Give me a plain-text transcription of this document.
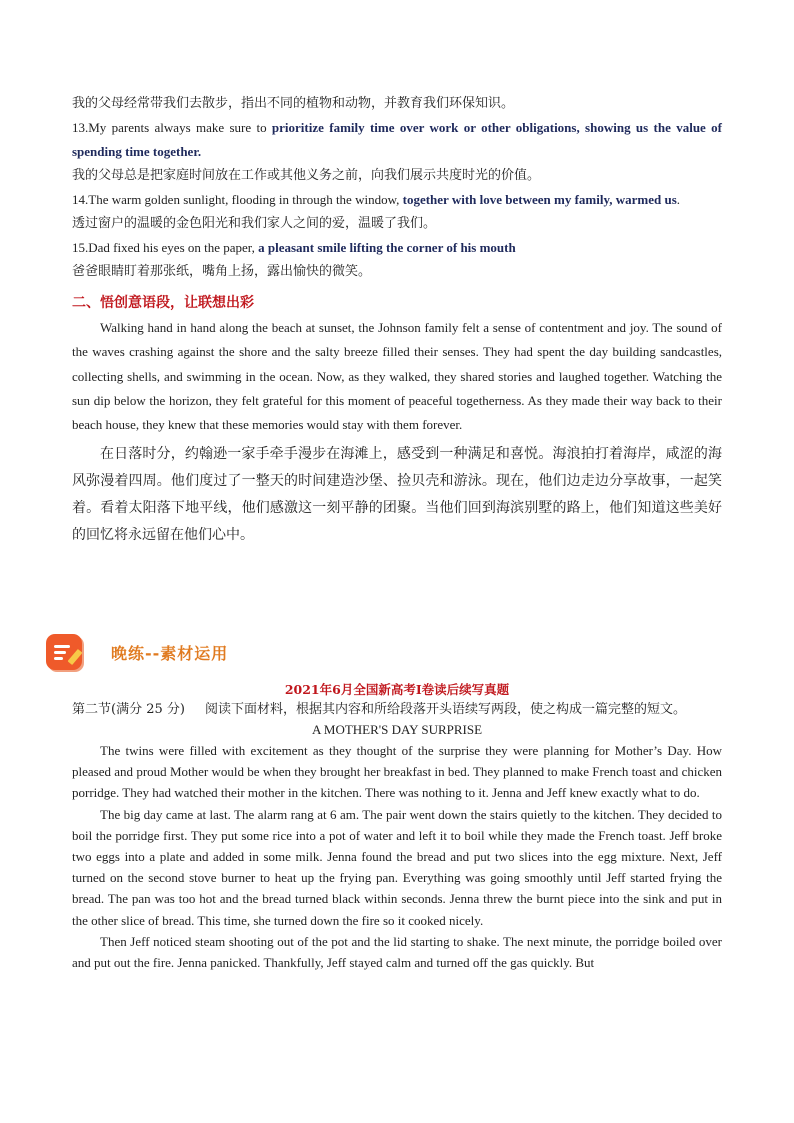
我的父母经常带我们去散步，指出不同的植物和动物，并教育我们环保知识。

13.My parents always make sure to prioritize family time over work or other obligations, showing us the value of spending time together.

我的父母总是把家庭时间放在工作或其他义务之前，向我们展示共度时光的价值。

14.The warm golden sunlight, flooding in through the window, together with love between my family, warmed us.

透过窗户的温暖的金色阳光和我们家人之间的爱，温暖了我们。

15.Dad fixed his eyes on the paper, a pleasant smile lifting the corner of his mouth

爸爸眼睛盯着那张纸，嘴角上扬，露出愉快的微笑。

二、悟创意语段，让联想出彩

Walking hand in hand along the beach at sunset, the Johnson family felt a sense of contentment and joy. The sound of the waves crashing against the shore and the salty breeze filled their senses. They had spent the day building sandcastles, collecting shells, and swimming in the ocean. Now, as they walked, they shared stories and laughed together. Watching the sun dip below the horizon, they felt grateful for this moment of peaceful togetherness. As they made their way back to their beach house, they knew that these memories would stay with them forever.

在日落时分，约翰逊一家手牵手漫步在海滩上，感受到一种满足和喜悦。海浪拍打着海岸，咸涩的海风弥漫着四周。他们度过了一整天的时间建造沙堡、捡贝壳和游泳。现在，他们边走边分享故事，一起笑着。看着太阳落下地平线，他们感激这一刻平静的团聚。当他们回到海滨别墅的路上，他们知道这些美好的回忆将永远留在他们心中。

晚练--素材运用

2021年6月全国新高考I卷读后续写真题

第二节(满分 25 分) 阅读下面材料，根据其内容和所给段落开头语续写两段，使之构成一篇完整的短文。

A MOTHER'S DAY SURPRISE

The twins were filled with excitement as they thought of the surprise they were planning for Mother’s Day. How pleased and proud Mother would be when they brought her breakfast in bed. They planned to make French toast and chicken porridge. They had watched their mother in the kitchen. There was nothing to it. Jenna and Jeff knew exactly what to do.

The big day came at last. The alarm rang at 6 am. The pair went down the stairs quietly to the kitchen. They decided to boil the porridge first. They put some rice into a pot of water and left it to boil while they made the French toast. Jeff broke two eggs into a plate and added in some milk. Jenna found the bread and put two slices into the egg mixture. Next, Jeff turned on the second stove burner to heat up the frying pan. Everything was going smoothly until Jeff started frying the bread. The pan was too hot and the bread turned black within seconds. Jenna threw the burnt piece into the sink and put in the other slice of bread. This time, she turned down the fire so it cooked nicely.

Then Jeff noticed steam shooting out of the pot and the lid starting to shake. The next minute, the porridge boiled over and put out the fire. Jenna panicked. Thankfully, Jeff stayed calm and turned off the gas quickly. But
